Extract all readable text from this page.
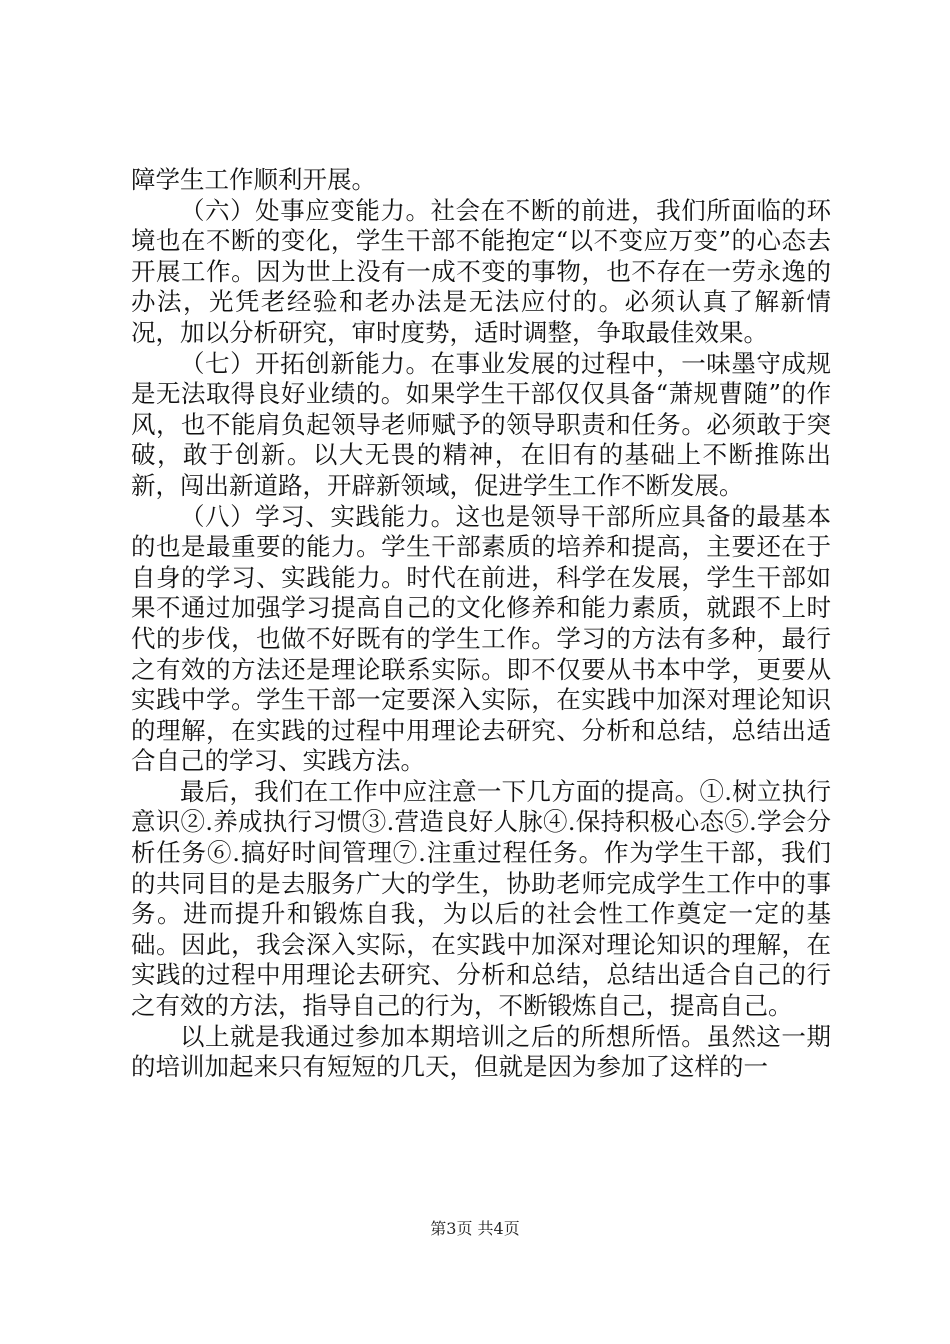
障学生工作顺利开展。

（六）处事应变能力。社会在不断的前进，我们所面临的环境也在不断的变化，学生干部不能抱定“以不变应万变”的心态去开展工作。因为世上没有一成不变的事物，也不存在一劳永逸的办法，光凭老经验和老办法是无法应付的。必须认真了解新情况，加以分析研究，审时度势，适时调整，争取最佳效果。

（七）开拓创新能力。在事业发展的过程中，一味墨守成规是无法取得良好业绩的。如果学生干部仅仅具备“萧规曹随”的作风，也不能肩负起领导老师赋予的领导职责和任务。必须敢于突破，敢于创新。以大无畏的精神，在旧有的基础上不断推陈出新，闯出新道路，开辟新领域，促进学生工作不断发展。

（八）学习、实践能力。这也是领导干部所应具备的最基本的也是最重要的能力。学生干部素质的培养和提高，主要还在于自身的学习、实践能力。时代在前进，科学在发展，学生干部如果不通过加强学习提高自己的文化修养和能力素质，就跟不上时代的步伐，也做不好既有的学生工作。学习的方法有多种，最行之有效的方法还是理论联系实际。即不仅要从书本中学，更要从实践中学。学生干部一定要深入实际，在实践中加深对理论知识的理解，在实践的过程中用理论去研究、分析和总结，总结出适合自己的学习、实践方法。

最后，我们在工作中应注意一下几方面的提高。①.树立执行意识②.养成执行习惯③.营造良好人脉④.保持积极心态⑤.学会分析任务⑥.搞好时间管理⑦.注重过程任务。作为学生干部，我们的共同目的是去服务广大的学生，协助老师完成学生工作中的事务。进而提升和锻炼自我，为以后的社会性工作奠定一定的基础。因此，我会深入实际，在实践中加深对理论知识的理解，在实践的过程中用理论去研究、分析和总结，总结出适合自己的行之有效的方法，指导自己的行为，不断锻炼自己，提高自己。

以上就是我通过参加本期培训之后的所想所悟。虽然这一期的培训加起来只有短短的几天，但就是因为参加了这样的一

第3页 共4页
